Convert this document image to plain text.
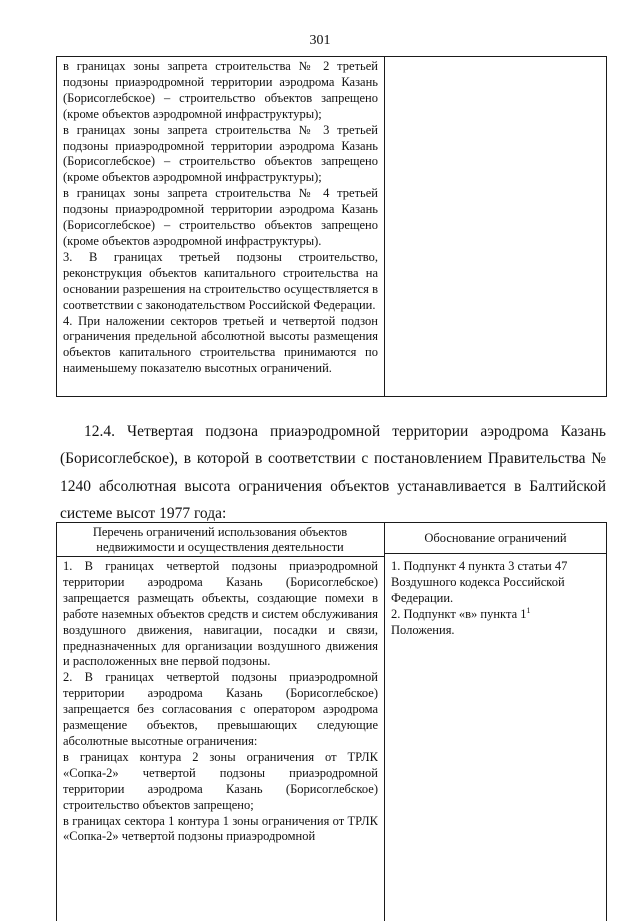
301

в границах зоны запрета строительства № 2 третьей подзоны приаэродромной территории аэродрома Казань (Борисоглебское) – строительство объектов запрещено (кроме объектов аэродромной инфраструктуры);

в границах зоны запрета строительства № 3 третьей подзоны приаэродромной территории аэродрома Казань (Борисоглебское) – строительство объектов запрещено (кроме объектов аэродромной инфраструктуры);

в границах зоны запрета строительства № 4 третьей подзоны приаэродромной территории аэродрома Казань (Борисоглебское) – строительство объектов запрещено (кроме объектов аэродромной инфраструктуры).

3. В границах третьей подзоны строительство, реконструкция объектов капитального строительства на основании разрешения на строительство осуществляется в соответствии с законодательством Российской Федерации.

4. При наложении секторов третьей и четвертой подзон ограничения предельной абсолютной высоты размещения объектов капитального строительства принимаются по наименьшему показателю высотных ограничений.

12.4. Четвертая подзона приаэродромной территории аэродрома Казань (Борисоглебское), в которой в соответствии с постановлением Правительства № 1240 абсолютная высота ограничения объектов устанавливается в Балтийской системе высот 1977 года:
Перечень ограничений использования объектов недвижимости и осуществления деятельности
Обоснование ограничений

1. В границах четвертой подзоны приаэродромной территории аэродрома Казань (Борисоглебское) запрещается размещать объекты, создающие помехи в работе наземных объектов средств и систем обслуживания воздушного движения, навигации, посадки и связи, предназначенных для организации воздушного движения и расположенных вне первой подзоны.

2. В границах четвертой подзоны приаэродромной территории аэродрома Казань (Борисоглебское) запрещается без согласования с оператором аэродрома размещение объектов, превышающих следующие абсолютные высотные ограничения:

в границах контура 2 зоны ограничения от ТРЛК «Сопка-2» четвертой подзоны приаэродромной территории аэродрома Казань (Борисоглебское) строительство объектов запрещено;

в границах сектора 1 контура 1 зоны ограничения от ТРЛК «Сопка-2» четвертой подзоны приаэродромной

1. Подпункт 4 пункта 3 статьи 47 Воздушного кодекса Российской Федерации.

2. Подпункт «в» пункта $1^1$

Положения.
